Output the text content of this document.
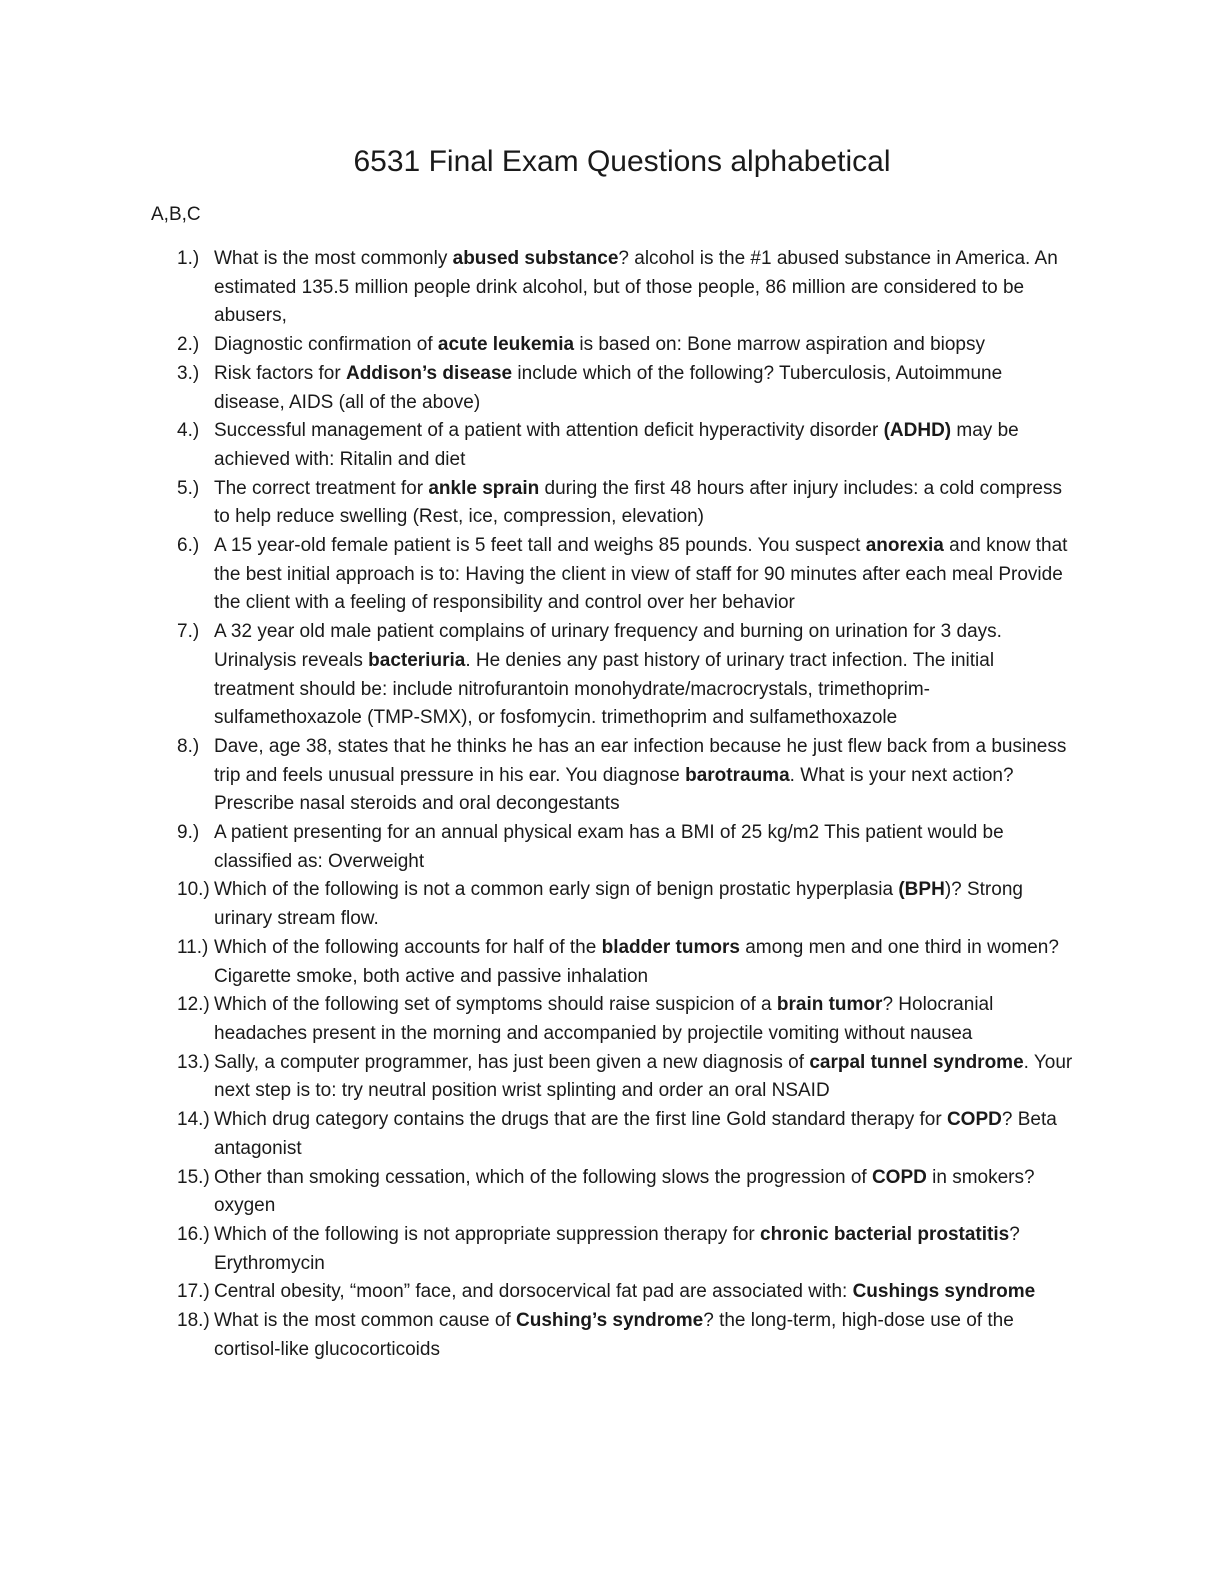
6531 Final Exam Questions alphabetical

A,B,C

1.) What is the most commonly abused substance? alcohol is the #1 abused substance in America. An estimated 135.5 million people drink alcohol, but of those people, 86 million are considered to be abusers,
2.) Diagnostic confirmation of acute leukemia is based on: Bone marrow aspiration and biopsy
3.) Risk factors for Addison’s disease include which of the following? Tuberculosis, Autoimmune disease, AIDS (all of the above)
4.) Successful management of a patient with attention deficit hyperactivity disorder (ADHD) may be achieved with: Ritalin and diet
5.) The correct treatment for ankle sprain during the first 48 hours after injury includes: a cold compress to help reduce swelling (Rest, ice, compression, elevation)
6.) A 15 year-old female patient is 5 feet tall and weighs 85 pounds. You suspect anorexia and know that the best initial approach is to: Having the client in view of staff for 90 minutes after each meal Provide the client with a feeling of responsibility and control over her behavior
7.) A 32 year old male patient complains of urinary frequency and burning on urination for 3 days. Urinalysis reveals bacteriuria. He denies any past history of urinary tract infection. The initial treatment should be: include nitrofurantoin monohydrate/macrocrystals, trimethoprim-sulfamethoxazole (TMP-SMX), or fosfomycin. trimethoprim and sulfamethoxazole
8.) Dave, age 38, states that he thinks he has an ear infection because he just flew back from a business trip and feels unusual pressure in his ear. You diagnose barotrauma. What is your next action? Prescribe nasal steroids and oral decongestants
9.) A patient presenting for an annual physical exam has a BMI of 25 kg/m2 This patient would be classified as: Overweight
10.) Which of the following is not a common early sign of benign prostatic hyperplasia (BPH)? Strong urinary stream flow.
11.) Which of the following accounts for half of the bladder tumors among men and one third in women? Cigarette smoke, both active and passive inhalation
12.) Which of the following set of symptoms should raise suspicion of a brain tumor? Holocranial headaches present in the morning and accompanied by projectile vomiting without nausea
13.) Sally, a computer programmer, has just been given a new diagnosis of carpal tunnel syndrome. Your next step is to: try neutral position wrist splinting and order an oral NSAID
14.) Which drug category contains the drugs that are the first line Gold standard therapy for COPD? Beta antagonist
15.) Other than smoking cessation, which of the following slows the progression of COPD in smokers? oxygen
16.) Which of the following is not appropriate suppression therapy for chronic bacterial prostatitis? Erythromycin
17.) Central obesity, “moon” face, and dorsocervical fat pad are associated with: Cushings syndrome
18.) What is the most common cause of Cushing’s syndrome? the long-term, high-dose use of the cortisol-like glucocorticoids
